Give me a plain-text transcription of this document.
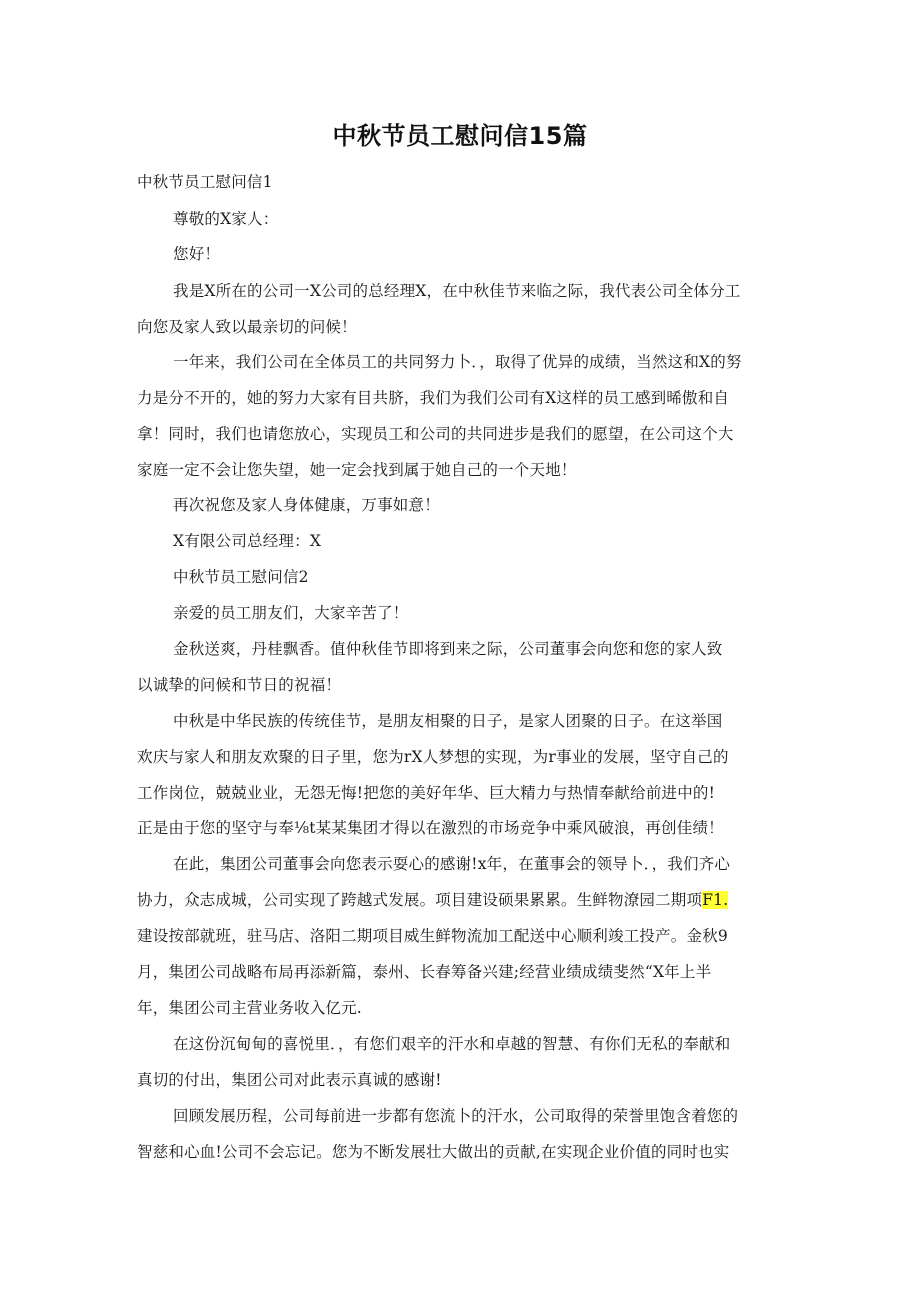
中秋节员工慰问信15篇
中秋节员工慰问信1
尊敬的X家人：
您好！
我是X所在的公司一X公司的总经理X，在中秋佳节来临之际，我代表公司全体分工
向您及家人致以最亲切的问候！
一年来，我们公司在全体员工的共同努力卜．，取得了优异的成绩，当然这和X的努
力是分不开的，她的努力大家有目共脐，我们为我们公司有X这样的员工感到晞傲和自
拿！同时，我们也请您放心，实现员工和公司的共同进步是我们的愿望，在公司这个大
家庭一定不会让您失望，她一定会找到属于她自己的一个天地！
再次祝您及家人身体健康，万事如意！
X有限公司总经理：X
中秋节员工慰问信2
亲爱的员工朋友们，大家辛苦了！
金秋送爽，丹桂飘香。值仲秋佳节即将到来之际，公司董事会向您和您的家人致
以诚挚的问候和节日的祝福！
中秋是中华民族的传统佳节，是朋友相聚的日子，是家人团聚的日子。在这举国
欢庆与家人和朋友欢聚的日子里，您为rX人梦想的实现，为r事业的发展，坚守自己的
工作岗位，兢兢业业，无怨无悔!把您的美好年华、巨大精力与热情奉献给前进中的!
正是由于您的坚守与奉⅛t某某集团才得以在激烈的市场竞争中乘风破浪，再创佳绩！
在此，集团公司董事会向您表示耍心的感谢!x年，在董事会的领导卜．，我们齐心
协力，众志成城，公司实现了跨越式发展。项目建设硕果累累。生鲜物潦园二期项F1.
建设按部就班，驻马店、洛阳二期项目威生鲜物流加工配送中心顺利竣工投产。金秋9
月，集团公司战略布局再添新篇，泰州、长春筹备兴建;经营业绩成绩斐然“X年上半
年，集团公司主营业务收入亿元.
在这份沉甸甸的喜悦里．，有您们艰辛的汗水和卓越的智慧、有你们无私的奉献和
真切的付出，集团公司对此表示真诚的感谢!
回顾发展历程，公司每前进一步都有您流卜的汗水，公司取得的荣誉里饱含着您的
智慈和心血!公司不会忘记。您为不断发展壮大做出的贡献,在实现企业价值的同时也实
